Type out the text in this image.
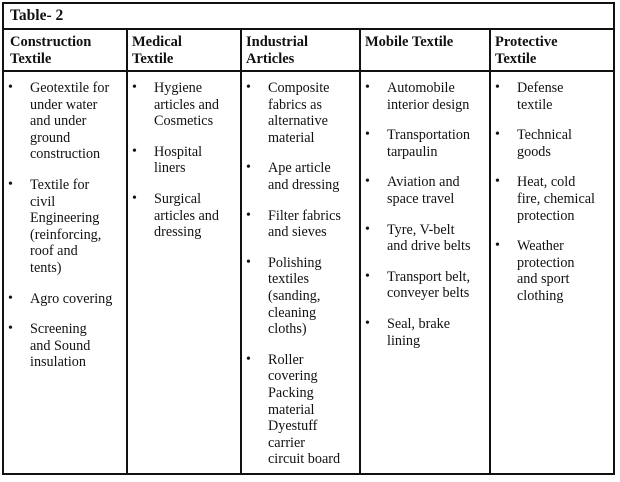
Table- 2
Construction
Textile
Medical
Textile
Industrial
Articles
Mobile Textile	Protective
Textile
• Geotextile for
under water
and under
ground
construction
• Textile for
civil
Engineering
(reinforcing,
roof and
tents)
• Agro covering
• Screening
and Sound
insulation
• Hygiene
articles and
Cosmetics
• Hospital
liners
• Surgical
articles and
dressing
• Composite
fabrics as
alternative
material
• Ape article
and dressing
• Filter fabrics
and sieves
• Polishing
textiles
(sanding,
cleaning
cloths)
• Roller
covering
Packing
material
Dyestuff
carrier
circuit board
• Automobile
interior design
• Transportation
tarpaulin
• Aviation and
space travel
• Tyre, V-belt
and drive belts
• Transport belt,
conveyer belts
• Seal, brake
lining
• Defense
textile
• Technical
goods
• Heat, cold
fire, chemical
protection
• Weather
protection
and sport
clothing
